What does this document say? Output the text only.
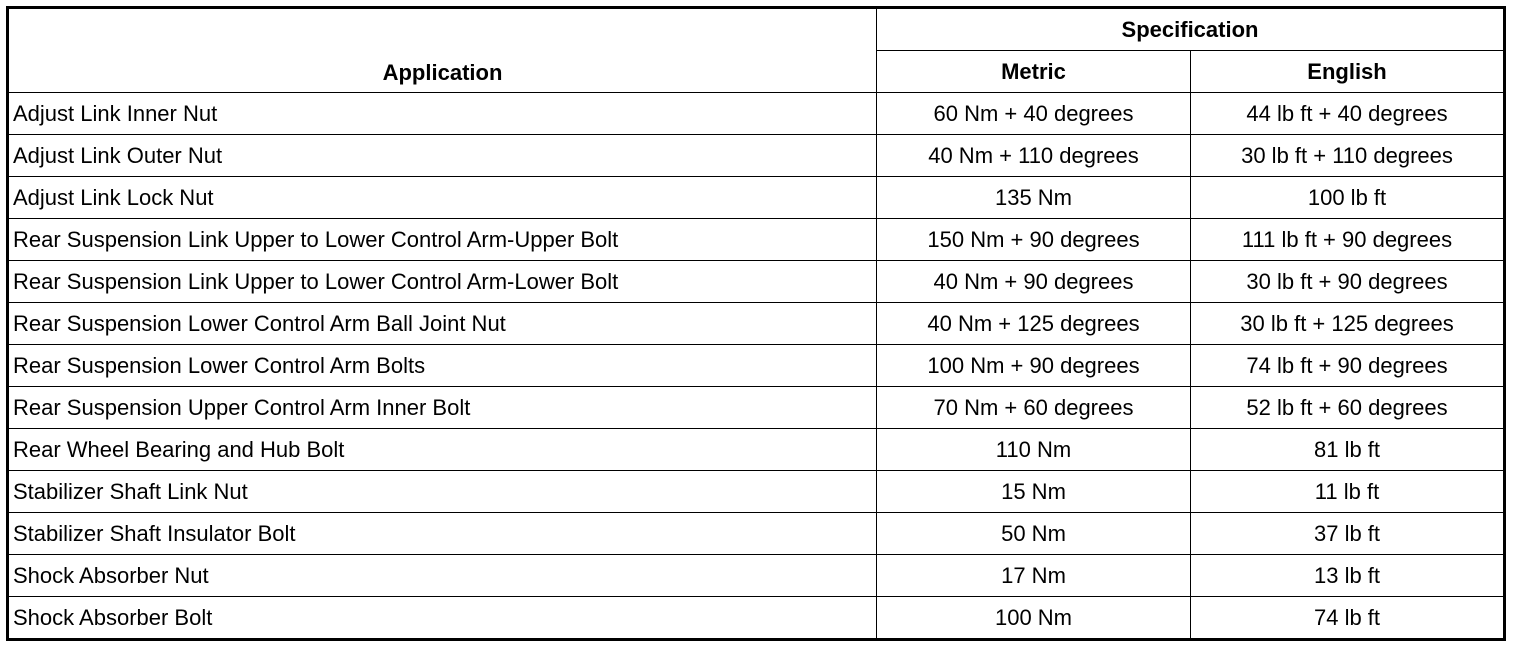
Application	Specification	
	Metric	English
Adjust Link Inner Nut	60 Nm + 40 degrees	44 lb ft + 40 degrees
Adjust Link Outer Nut	40 Nm + 110 degrees	30 lb ft + 110 degrees
Adjust Link Lock Nut	135 Nm	100 lb ft
Rear Suspension Link Upper to Lower Control Arm-Upper Bolt	150 Nm + 90 degrees	111 lb ft + 90 degrees
Rear Suspension Link Upper to Lower Control Arm-Lower Bolt	40 Nm + 90 degrees	30 lb ft + 90 degrees
Rear Suspension Lower Control Arm Ball Joint Nut	40 Nm + 125 degrees	30 lb ft + 125 degrees
Rear Suspension Lower Control Arm Bolts	100 Nm + 90 degrees	74 lb ft + 90 degrees
Rear Suspension Upper Control Arm Inner Bolt	70 Nm + 60 degrees	52 lb ft + 60 degrees
Rear Wheel Bearing and Hub Bolt	110 Nm	81 lb ft
Stabilizer Shaft Link Nut	15 Nm	11 lb ft
Stabilizer Shaft Insulator Bolt	50 Nm	37 lb ft
Shock Absorber Nut	17 Nm	13 lb ft
Shock Absorber Bolt	100 Nm	74 lb ft
